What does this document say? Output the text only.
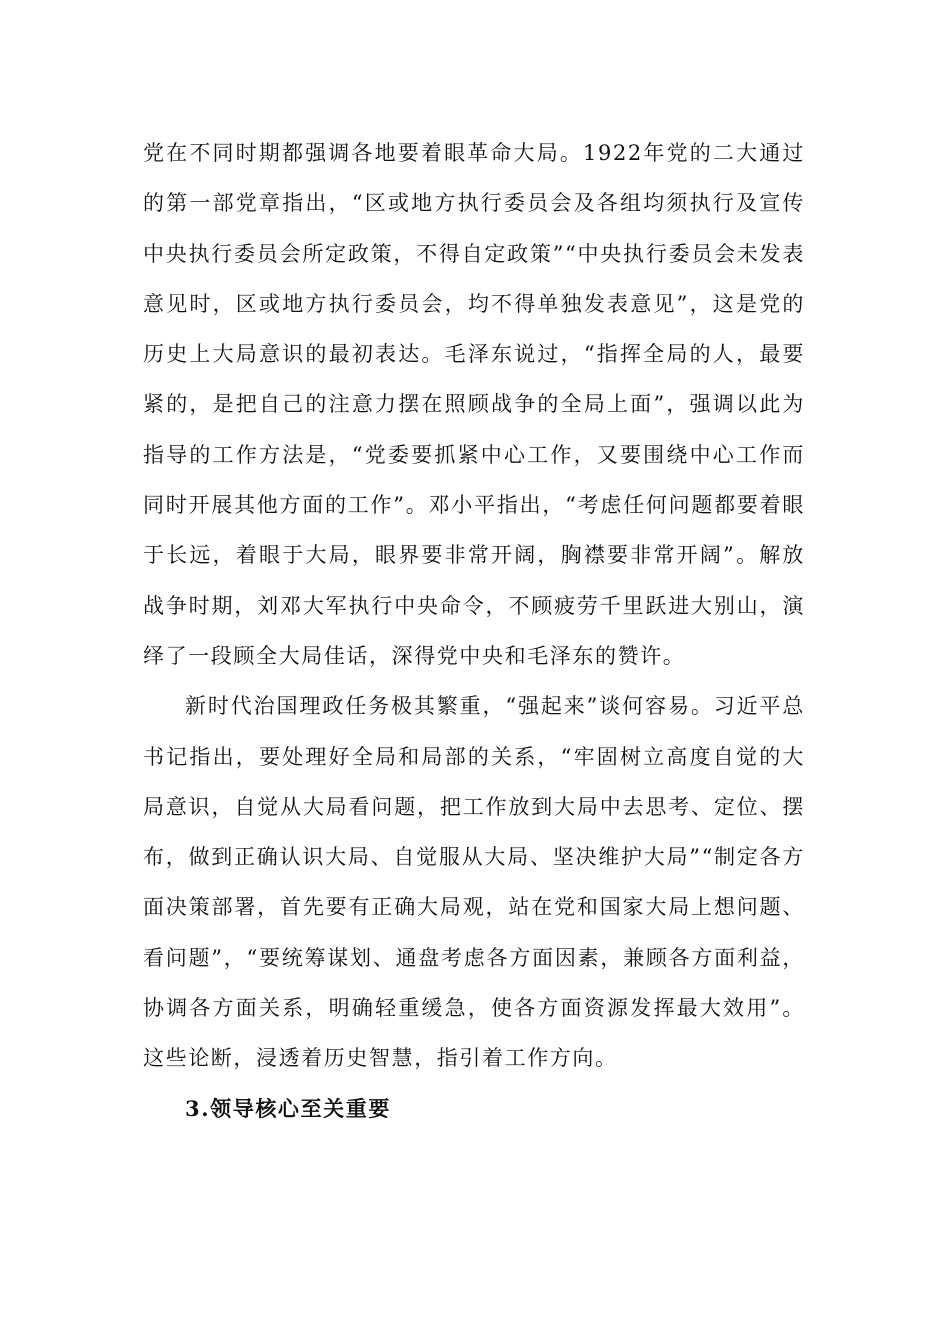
党在不同时期都强调各地要着眼革命大局。1922年党的二大通过的第一部党章指出，“区或地方执行委员会及各组均须执行及宣传中央执行委员会所定政策，不得自定政策”“中央执行委员会未发表意见时，区或地方执行委员会，均不得单独发表意见”，这是党的历史上大局意识的最初表达。毛泽东说过，“指挥全局的人，最要紧的，是把自己的注意力摆在照顾战争的全局上面”，强调以此为指导的工作方法是，“党委要抓紧中心工作，又要围绕中心工作而同时开展其他方面的工作”。邓小平指出，“考虑任何问题都要着眼于长远，着眼于大局，眼界要非常开阔，胸襟要非常开阔”。解放战争时期，刘邓大军执行中央命令，不顾疲劳千里跃进大别山，演绎了一段顾全大局佳话，深得党中央和毛泽东的赞许。

新时代治国理政任务极其繁重，“强起来”谈何容易。习近平总书记指出，要处理好全局和局部的关系，“牢固树立高度自觉的大局意识，自觉从大局看问题，把工作放到大局中去思考、定位、摆布，做到正确认识大局、自觉服从大局、坚决维护大局”“制定各方面决策部署，首先要有正确大局观，站在党和国家大局上想问题、看问题”，“要统筹谋划、通盘考虑各方面因素，兼顾各方面利益，协调各方面关系，明确轻重缓急，使各方面资源发挥最大效用”。这些论断，浸透着历史智慧，指引着工作方向。

3.领导核心至关重要
